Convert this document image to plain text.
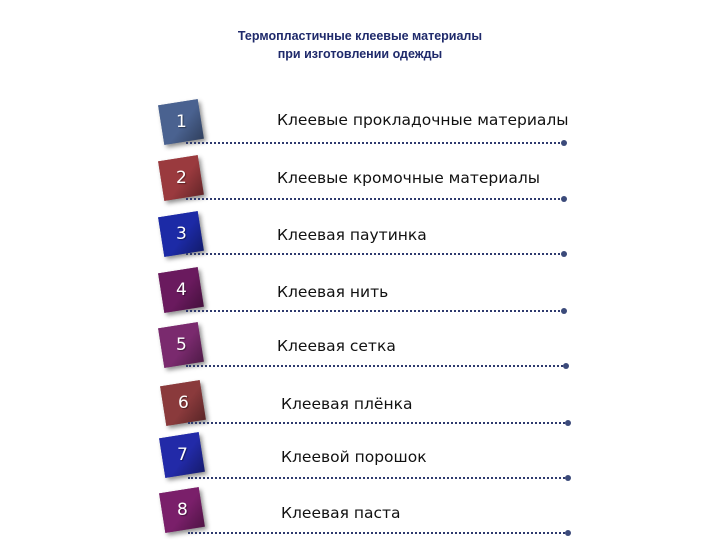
Термопластичные клеевые материалы
при изготовлении одежды
1	Клеевые прокладочные материалы
2	Клеевые кромочные материалы
3	Клеевая паутинка
4	Клеевая нить
5	Клеевая сетка
6	Клеевая плёнка
7	Клеевой порошок
8	Клеевая паста
